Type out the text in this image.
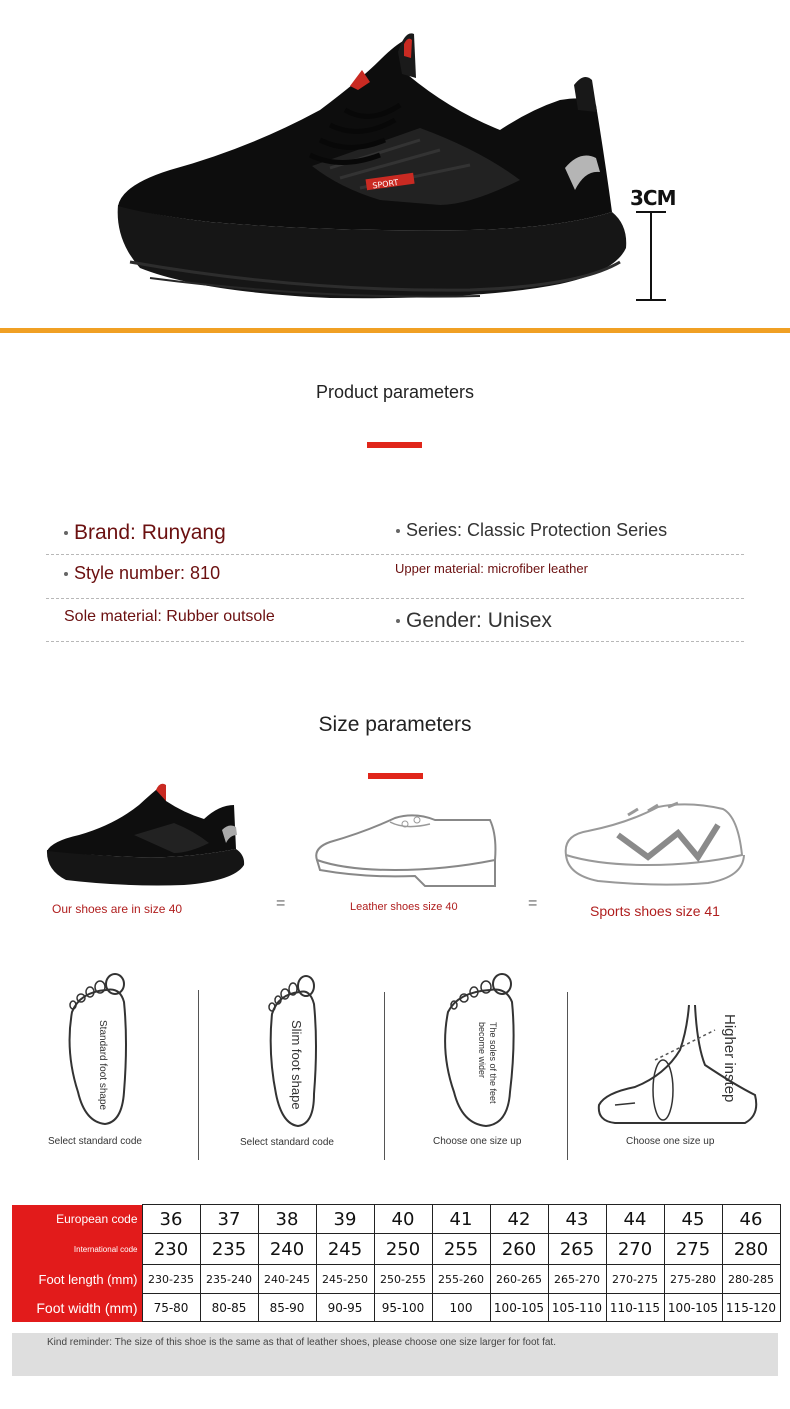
SPORT
3CM
Product parameters
Brand: Runyang	Series: Classic Protection Series
Style number: 810	Upper material: microfiber leather
Sole material: Rubber outsole	Gender: Unisex
Size parameters
Our shoes are in size 40	=	Leather shoes size 40	=	Sports shoes size 41
Standard foot shape
Select standard code
Slim foot shape
Select standard code
The soles of the feet become wider
Choose one size up
Higher instep
Choose one size up
European code	36	37	38	39	40	41	42	43	44	45	46
International code	230	235	240	245	250	255	260	265	270	275	280
Foot length (mm)	230-235	235-240	240-245	245-250	250-255	255-260	260-265	265-270	270-275	275-280	280-285
Foot width (mm)	75-80	80-85	85-90	90-95	95-100	100	100-105	105-110	110-115	100-105	115-120
Kind reminder: The size of this shoe is the same as that of leather shoes, please choose one size larger for foot fat.
